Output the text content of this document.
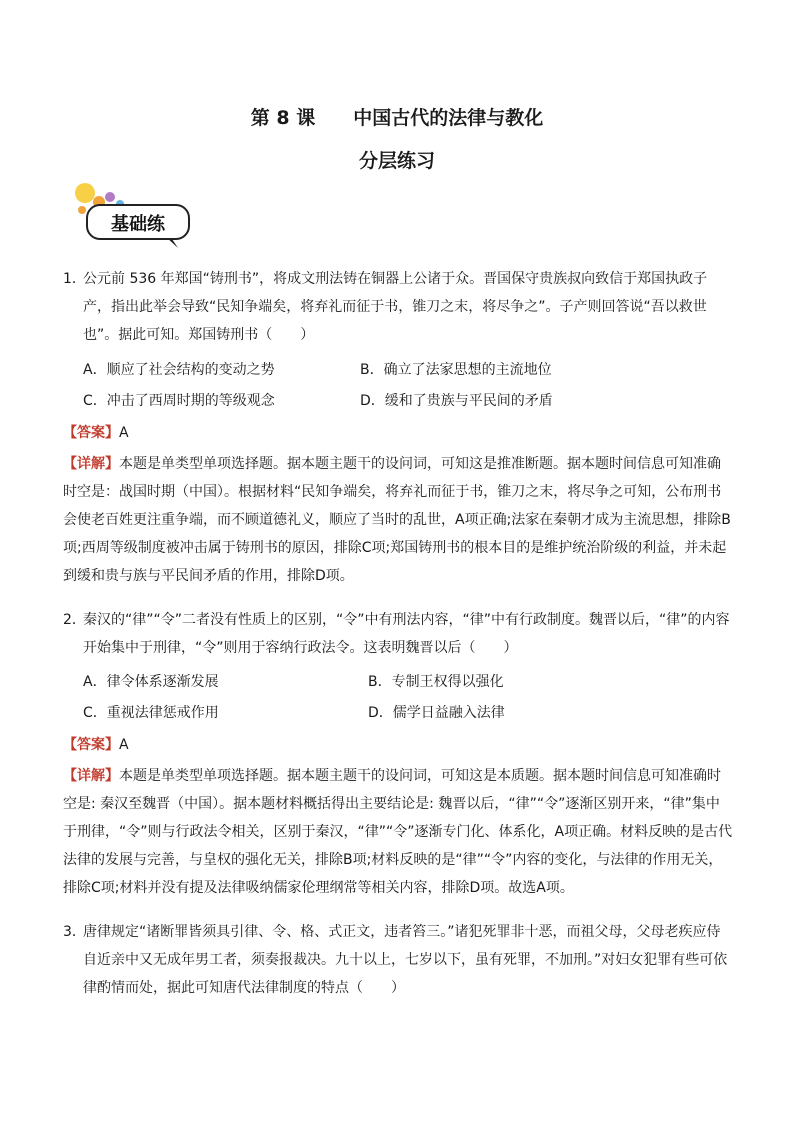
第 8 课 中国古代的法律与教化
分层练习
基础练
1．
公元前 536 年郑国“铸刑书”，将成文刑法铸在铜器上公诸于众。晋国保守贵族叔向致信于郑国执政子产，指出此举会导致“民知争端矣，将弃礼而征于书，锥刀之末，将尽争之”。子产则回答说“吾以救世也”。据此可知。郑国铸刑书（　　）
A．顺应了社会结构的变动之势	B．确立了法家思想的主流地位
C．冲击了西周时期的等级观念	D．缓和了贵族与平民间的矛盾
【答案】A
【详解】本题是单类型单项选择题。据本题主题干的设问词，可知这是推准断题。据本题时间信息可知准确时空是：战国时期（中国）。根据材料“民知争端矣，将弃礼而征于书，锥刀之末，将尽争之可知，公布刑书会使老百姓更注重争端，而不顾道德礼义，顺应了当时的乱世，A项正确;法家在秦朝才成为主流思想，排除B项;西周等级制度被冲击属于铸刑书的原因，排除C项;郑国铸刑书的根本目的是维护统治阶级的利益，并未起到缓和贵与族与平民间矛盾的作用，排除D项。
2．
秦汉的“律”“令”二者没有性质上的区别，“令”中有刑法内容，“律”中有行政制度。魏晋以后，“律”的内容开始集中于刑律，“令”则用于容纳行政法令。这表明魏晋以后（　　）
A．律令体系逐渐发展	B．专制王权得以强化
C．重视法律惩戒作用	D．儒学日益融入法律
【答案】A
【详解】本题是单类型单项选择题。据本题主题干的设问词，可知这是本质题。据本题时间信息可知准确时空是: 秦汉至魏晋（中国）。据本题材料概括得出主要结论是: 魏晋以后，“律”“令”逐渐区别开来，“律”集中于刑律，“令”则与行政法令相关，区别于秦汉，“律”“令”逐渐专门化、体系化，A项正确。材料反映的是古代法律的发展与完善，与皇权的强化无关，排除B项;材料反映的是“律”“令”内容的变化，与法律的作用无关，排除C项;材料并没有提及法律吸纳儒家伦理纲常等相关内容，排除D项。故选A项。
3．
唐律规定“诸断罪皆须具引律、令、格、式正文，违者笞三。”诸犯死罪非十恶，而祖父母，父母老疾应侍自近亲中又无成年男工者，须奏报裁决。九十以上，七岁以下，虽有死罪，不加刑。”对妇女犯罪有些可依律酌情而处，据此可知唐代法律制度的特点（　　）
